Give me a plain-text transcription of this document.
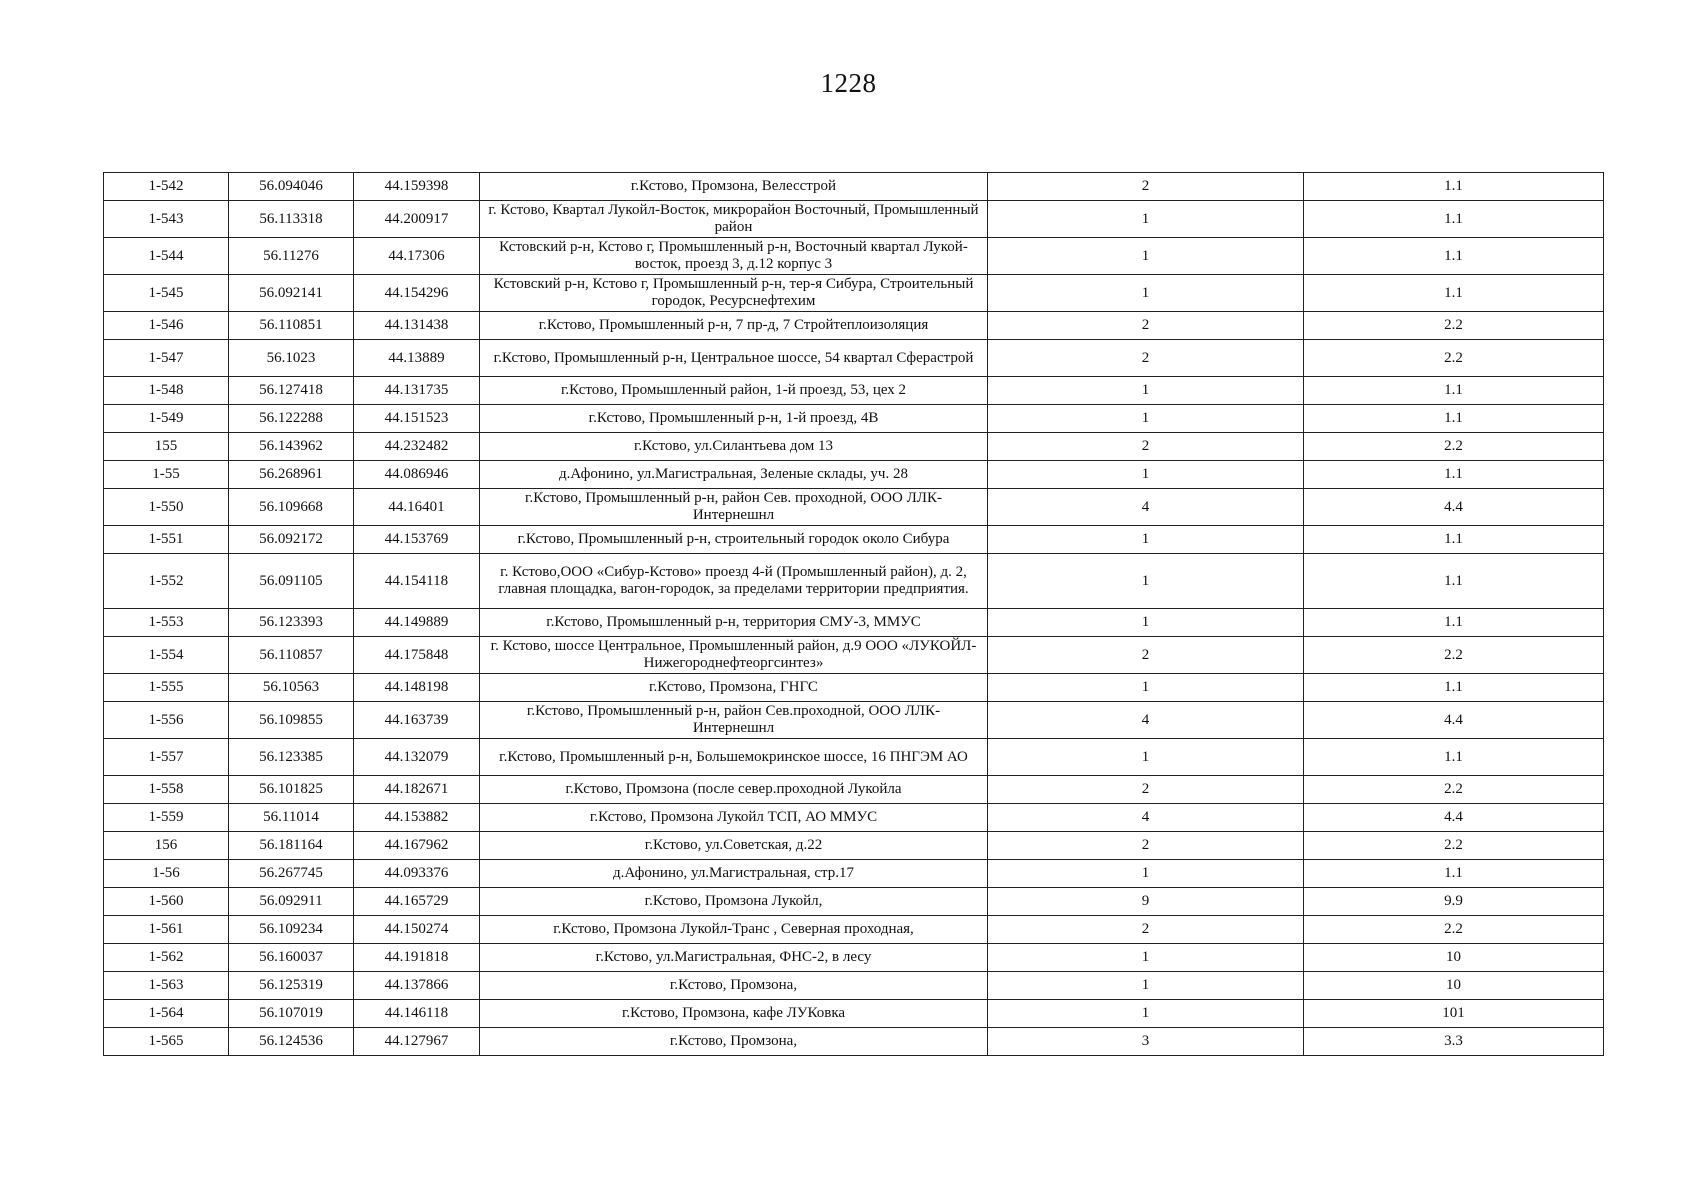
1228
1-542	56.094046	44.159398	г.Кстово, Промзона, Велесстрой	2	1.1
1-543	56.113318	44.200917	г. Кстово, Квартал Лукойл-Восток, микрорайон Восточный, Промышленный район	1	1.1
1-544	56.11276	44.17306	Кстовский р-н, Кстово г, Промышленный р-н, Восточный квартал Лукой- восток, проезд 3, д.12 корпус 3	1	1.1
1-545	56.092141	44.154296	Кстовский р-н, Кстово г, Промышленный р-н, тер-я Сибура, Строительный городок, Ресурснефтехим	1	1.1
1-546	56.110851	44.131438	г.Кстово, Промышленный р-н, 7 пр-д, 7 Стройтеплоизоляция	2	2.2
1-547	56.1023	44.13889	г.Кстово, Промышленный р-н, Центральное шоссе, 54 квартал Сферастрой	2	2.2
1-548	56.127418	44.131735	г.Кстово, Промышленный район, 1-й проезд, 53, цех 2	1	1.1
1-549	56.122288	44.151523	г.Кстово, Промышленный р-н, 1-й проезд, 4В	1	1.1
155	56.143962	44.232482	г.Кстово, ул.Силантьева дом 13	2	2.2
1-55	56.268961	44.086946	д.Афонино, ул.Магистральная, Зеленые склады, уч. 28	1	1.1
1-550	56.109668	44.16401	г.Кстово, Промышленный р-н, район Сев. проходной, ООО ЛЛК-Интернешнл	4	4.4
1-551	56.092172	44.153769	г.Кстово, Промышленный р-н, строительный городок около Сибура	1	1.1
1-552	56.091105	44.154118	г. Кстово,ООО «Сибур-Кстово» проезд 4-й (Промышленный район), д. 2, главная площадка, вагон-городок, за пределами территории предприятия.	1	1.1
1-553	56.123393	44.149889	г.Кстово, Промышленный р-н, территория СМУ-3, ММУС	1	1.1
1-554	56.110857	44.175848	г. Кстово, шоссе Центральное, Промышленный район, д.9 ООО «ЛУКОЙЛ-Нижегороднефтеоргсинтез»	2	2.2
1-555	56.10563	44.148198	г.Кстово, Промзона, ГНГС	1	1.1
1-556	56.109855	44.163739	г.Кстово, Промышленный р-н, район Сев.проходной, ООО ЛЛК-Интернешнл	4	4.4
1-557	56.123385	44.132079	г.Кстово, Промышленный р-н, Большемокринское шоссе, 16 ПНГЭМ АО	1	1.1
1-558	56.101825	44.182671	г.Кстово, Промзона (после север.проходной Лукойла	2	2.2
1-559	56.11014	44.153882	г.Кстово, Промзона Лукойл ТСП, АО ММУС	4	4.4
156	56.181164	44.167962	г.Кстово, ул.Советская, д.22	2	2.2
1-56	56.267745	44.093376	д.Афонино, ул.Магистральная, стр.17	1	1.1
1-560	56.092911	44.165729	г.Кстово, Промзона Лукойл,	9	9.9
1-561	56.109234	44.150274	г.Кстово, Промзона Лукойл-Транс , Северная проходная,	2	2.2
1-562	56.160037	44.191818	г.Кстово, ул.Магистральная, ФНС-2, в лесу	1	10
1-563	56.125319	44.137866	г.Кстово, Промзона,	1	10
1-564	56.107019	44.146118	г.Кстово, Промзона, кафе ЛУКовка	1	101
1-565	56.124536	44.127967	г.Кстово, Промзона,	3	3.3
